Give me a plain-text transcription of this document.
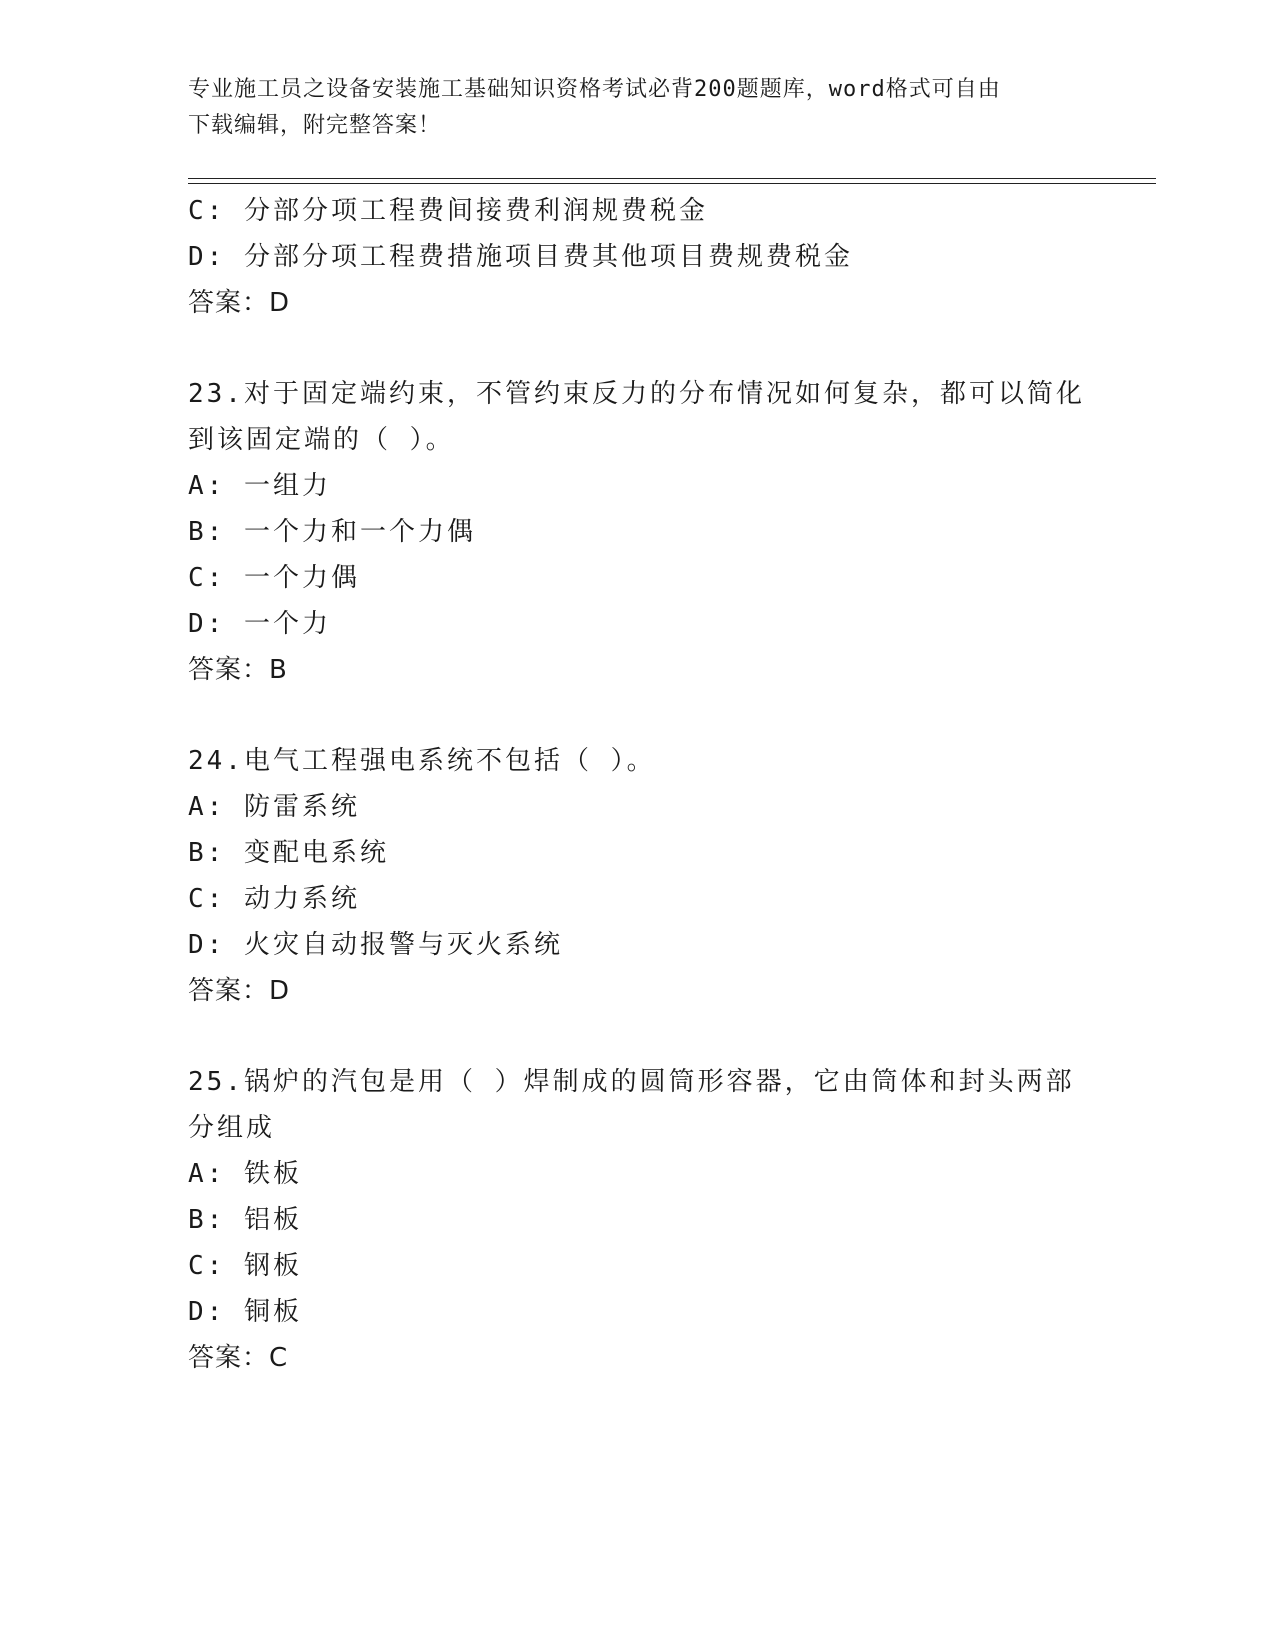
专业施工员之设备安装施工基础知识资格考试必背200题题库，word格式可自由
下载编辑，附完整答案！
C: 分部分项工程费间接费利润规费税金
D: 分部分项工程费措施项目费其他项目费规费税金
答案：D
23.对于固定端约束，不管约束反力的分布情况如何复杂，都可以简化
到该固定端的（ ）。
A: 一组力
B: 一个力和一个力偶
C: 一个力偶
D: 一个力
答案：B
24.电气工程强电系统不包括（ ）。
A: 防雷系统
B: 变配电系统
C: 动力系统
D: 火灾自动报警与灭火系统
答案：D
25.锅炉的汽包是用（ ）焊制成的圆筒形容器，它由筒体和封头两部
分组成
A: 铁板
B: 铝板
C: 钢板
D: 铜板
答案：C
